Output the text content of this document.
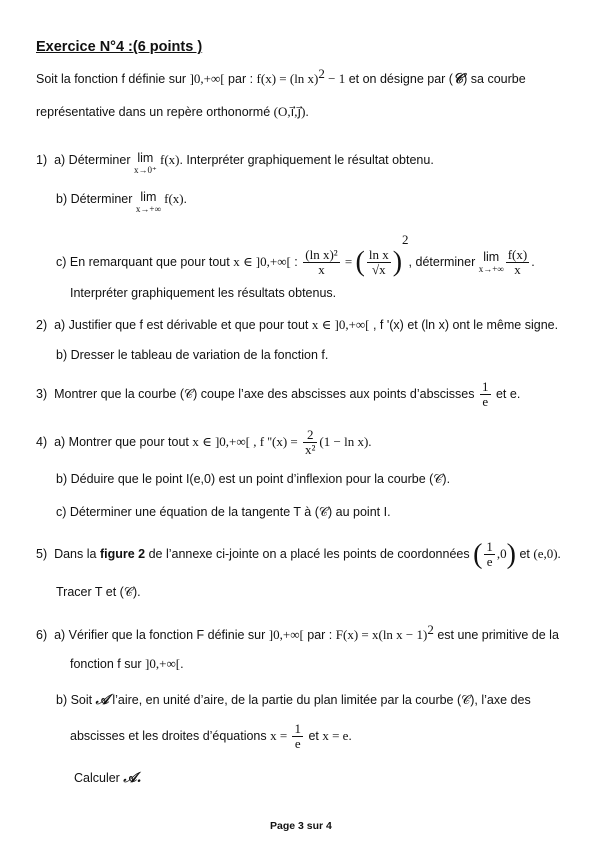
Exercice N°4 :(6 points )
Soit la fonction f définie sur ]0,+∞[ par : f(x) = (ln x)$^2$ − 1 et on désigne par (𝒞) sa courbe
représentative dans un repère orthonormé (O,i⃗,j⃗).
1) a) Déterminer lim
x→0⁺
f(x). Interpréter graphiquement le résultat obtenu.
b) Déterminer lim
x→+∞
f(x).
c) En remarquant que pour tout x ∈ ]0,+∞[ : $\frac{\text{(ln x)²}}{x}$ = ( $\frac{\text{ln x}}{√x} )^2$, déterminer lim
$x\to+\infty \frac{f(x)}{x}$ .
Interpréter graphiquement les résultats obtenus.
2) a) Justifier que f est dérivable et que pour tout x ∈ ]0,+∞[ , f '(x) et (ln x) ont le même signe.
b) Dresser le tableau de variation de la fonction f.
3) Montrer que la courbe (𝒞) coupe l’axe des abscisses aux points d’abscisses $\frac{1}{e}$ et e.
4) a) Montrer que pour tout x ∈ ]0,+∞[ , f ''$(x) = \frac{2}{\text{x²}} (1 - \ln x)$.
b) Déduire que le point I(e,0) est un point d’inflexion pour la courbe (𝒞).
c) Déterminer une équation de la tangente T à (𝒞) au point I.
5) Dans la figure 2 de l’annexe ci-jointe on a placé les points de coordonnées ( $\frac{1}{e} ,0$) et (e,0).
Tracer T et (𝒞).
6) a) Vérifier que la fonction F définie sur ]0,+∞[ par : F(x) = x(ln x − 1)$^2$ est une primitive de la
fonction f sur ]0,+∞[.
b) Soit 𝒜 l’aire, en unité d’aire, de la partie du plan limitée par la courbe (𝒞), l’axe des
abscisses et les droites d’équations $x = \frac{1}{e}$ et x = e.
Calculer 𝒜.
Page 3 sur 4
